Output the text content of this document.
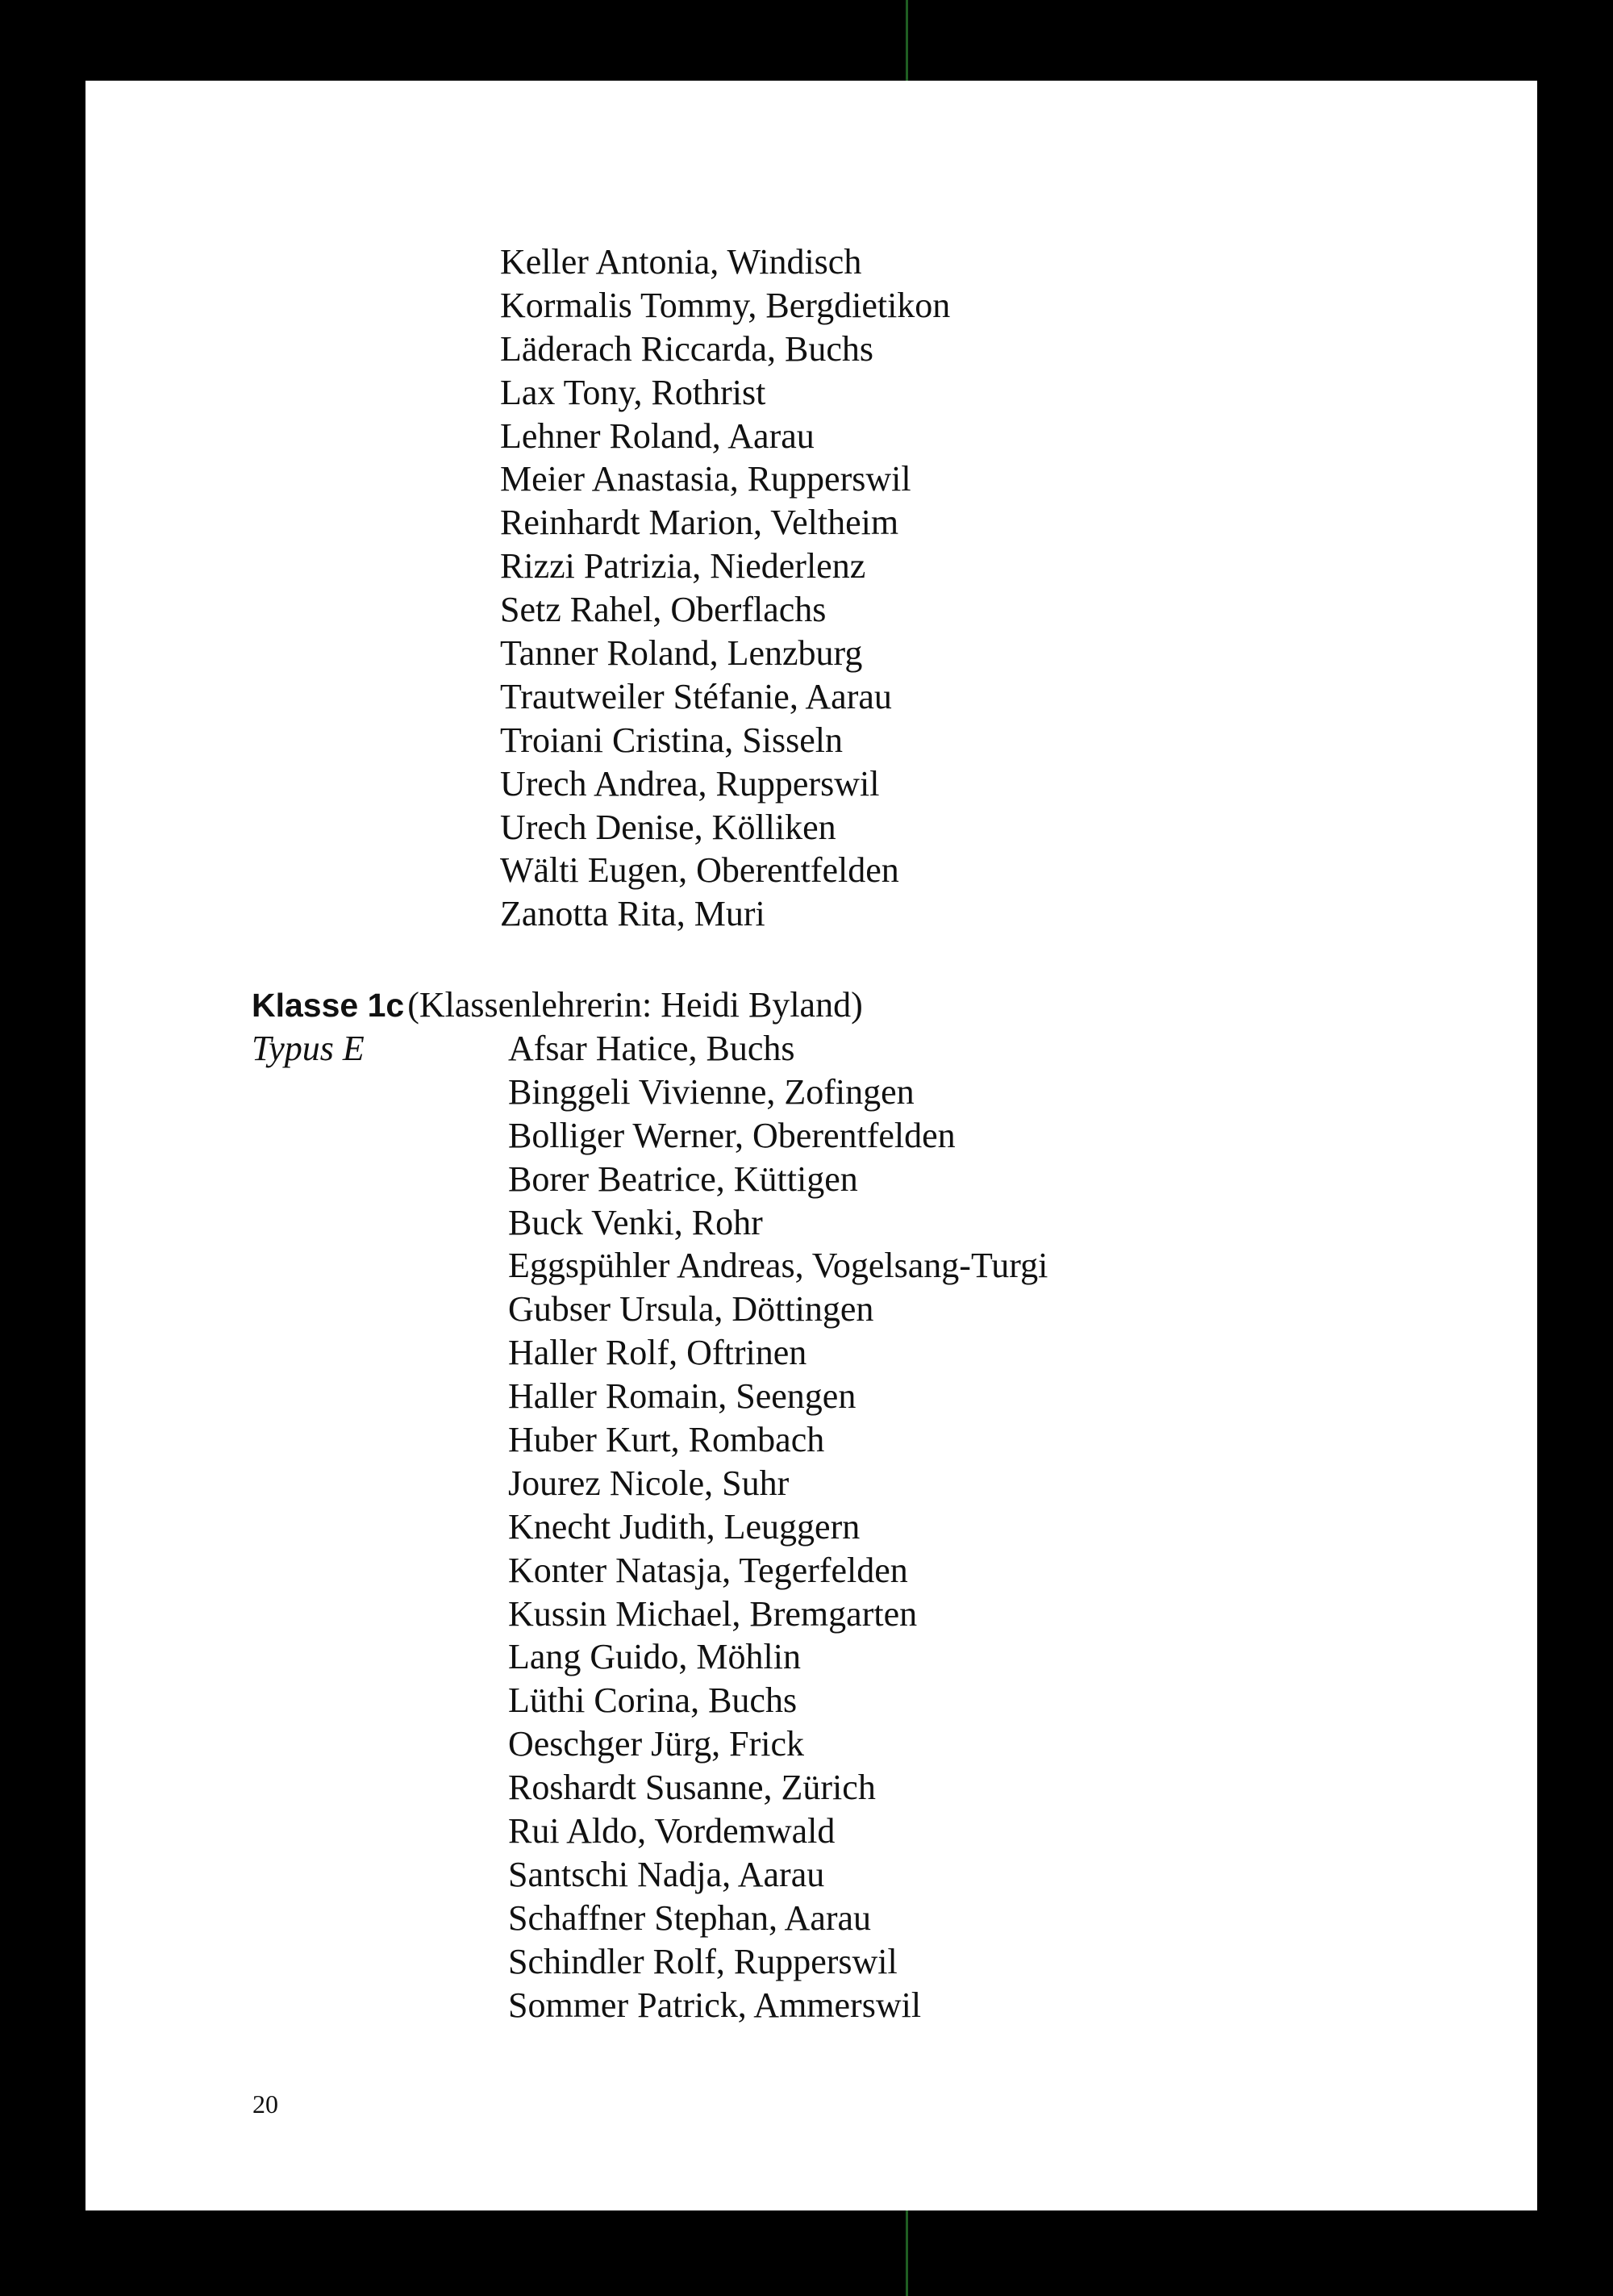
Keller Antonia, Windisch
Kormalis Tommy, Bergdietikon
Läderach Riccarda, Buchs
Lax Tony, Rothrist
Lehner Roland, Aarau
Meier Anastasia, Rupperswil
Reinhardt Marion, Veltheim
Rizzi Patrizia, Niederlenz
Setz Rahel, Oberflachs
Tanner Roland, Lenzburg
Trautweiler Stéfanie, Aarau
Troiani Cristina, Sisseln
Urech Andrea, Rupperswil
Urech Denise, Kölliken
Wälti Eugen, Oberentfelden
Zanotta Rita, Muri
Klasse 1c (Klassenlehrerin: Heidi Byland)
Typus E	Afsar Hatice, Buchs
Binggeli Vivienne, Zofingen
Bolliger Werner, Oberentfelden
Borer Beatrice, Küttigen
Buck Venki, Rohr
Eggspühler Andreas, Vogelsang-Turgi
Gubser Ursula, Döttingen
Haller Rolf, Oftrinen
Haller Romain, Seengen
Huber Kurt, Rombach
Jourez Nicole, Suhr
Knecht Judith, Leuggern
Konter Natasja, Tegerfelden
Kussin Michael, Bremgarten
Lang Guido, Möhlin
Lüthi Corina, Buchs
Oeschger Jürg, Frick
Roshardt Susanne, Zürich
Rui Aldo, Vordemwald
Santschi Nadja, Aarau
Schaffner Stephan, Aarau
Schindler Rolf, Rupperswil
Sommer Patrick, Ammerswil
20
